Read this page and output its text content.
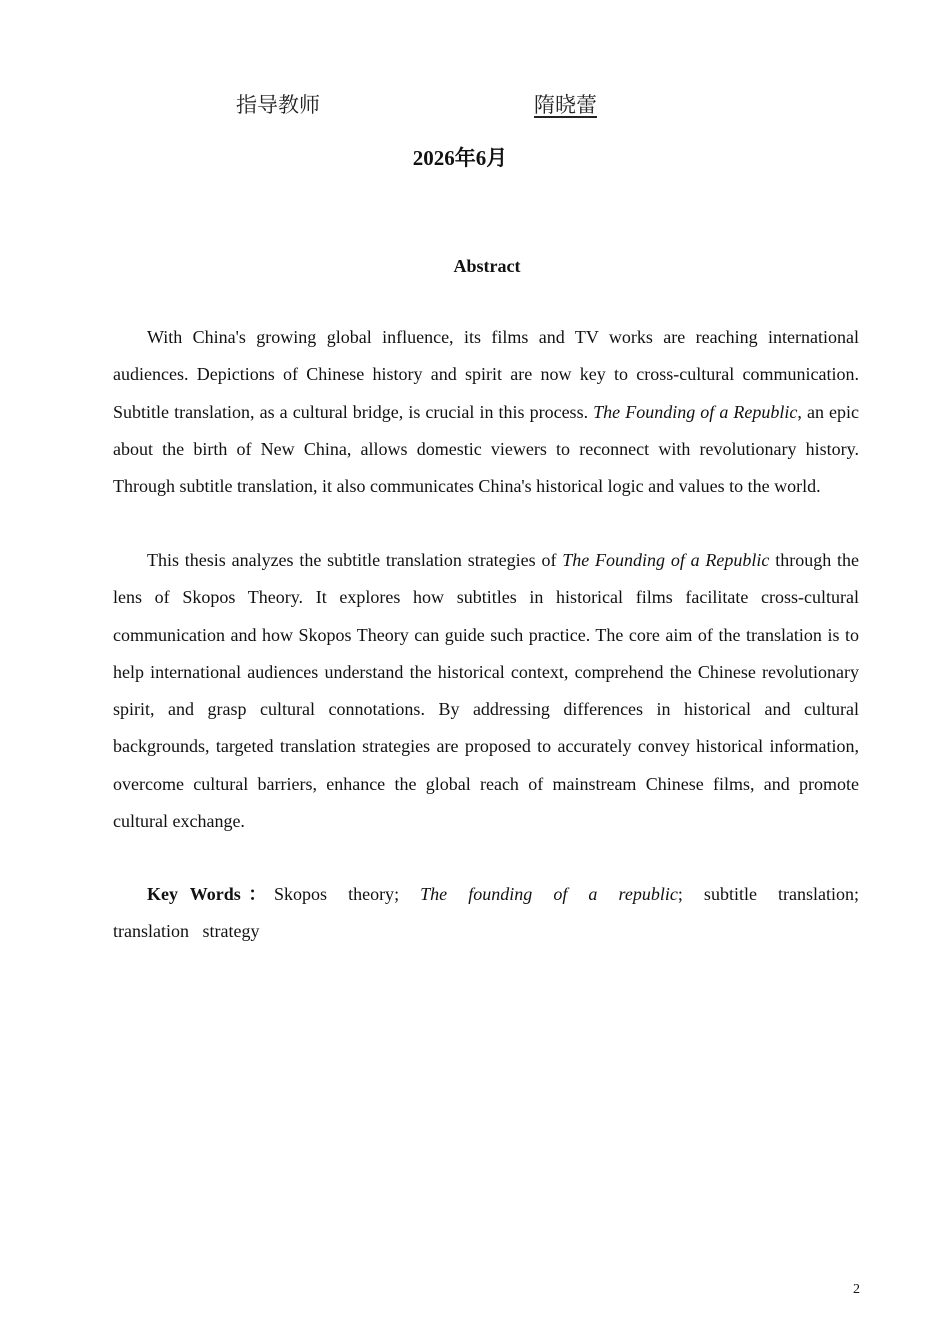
指导教师	隋晓蕾
2026年6月
Abstract

With China's growing global influence, its films and TV works are reaching international audiences. Depictions of Chinese history and spirit are now key to cross-cultural communication. Subtitle translation, as a cultural bridge, is crucial in this process. The Founding of a Republic, an epic about the birth of New China, allows domestic viewers to reconnect with revolutionary history. Through subtitle translation, it also communicates China's historical logic and values to the world.

This thesis analyzes the subtitle translation strategies of The Founding of a Republic through the lens of Skopos Theory. It explores how subtitles in historical films facilitate cross-cultural communication and how Skopos Theory can guide such practice. The core aim of the translation is to help international audiences understand the historical context, comprehend the Chinese revolutionary spirit, and grasp cultural connotations. By addressing differences in historical and cultural backgrounds, targeted translation strategies are proposed to accurately convey historical information, overcome cultural barriers, enhance the global reach of mainstream Chinese films, and promote cultural exchange.

Key Words：Skopos theory; The founding of a republic; subtitle translation; translation strategy
2
